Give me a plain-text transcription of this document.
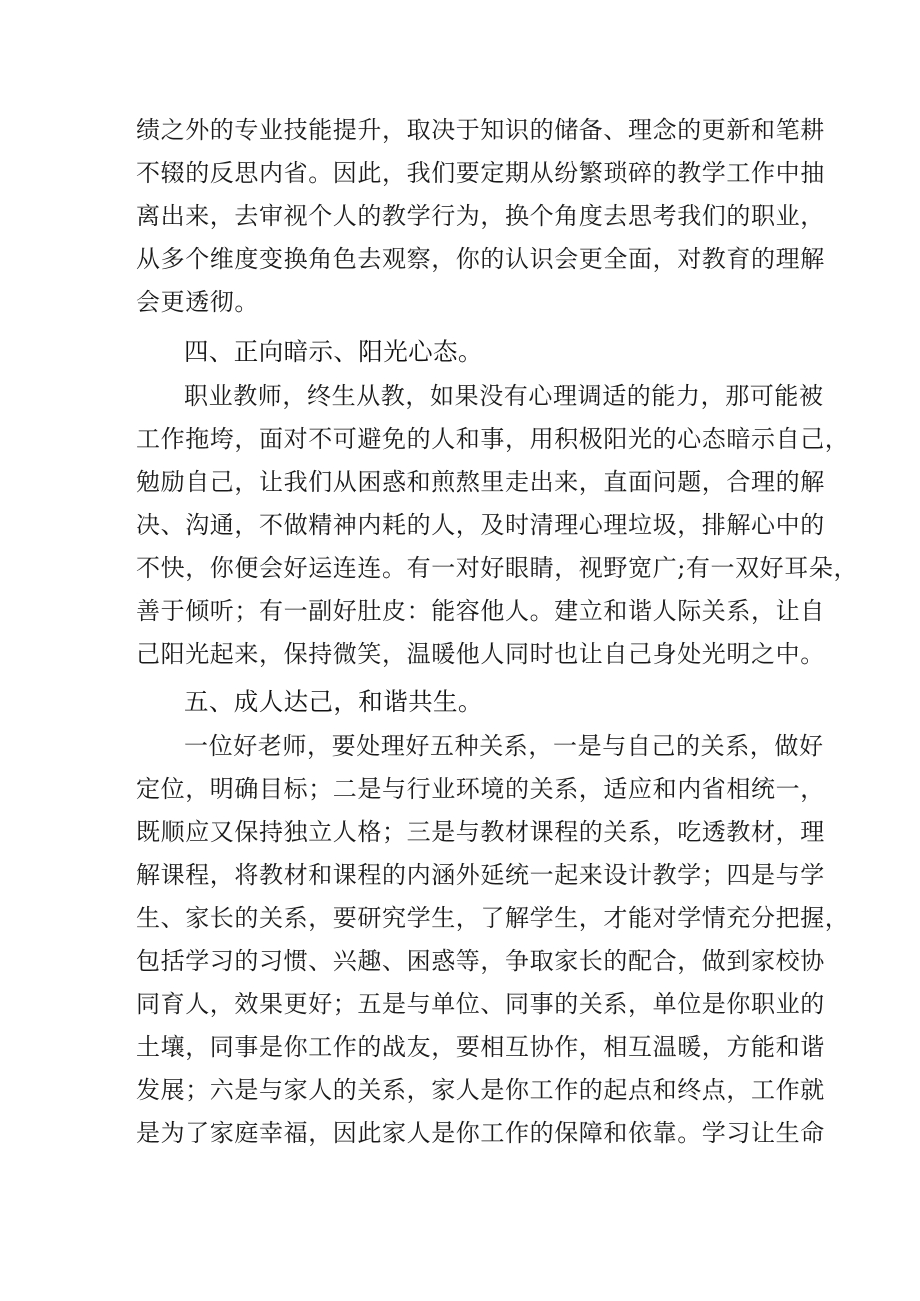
绩之外的专业技能提升，取决于知识的储备、理念的更新和笔耕
不辍的反思内省。因此，我们要定期从纷繁琐碎的教学工作中抽
离出来，去审视个人的教学行为，换个角度去思考我们的职业，
从多个维度变换角色去观察，你的认识会更全面，对教育的理解
会更透彻。
四、正向暗示、阳光心态。
职业教师，终生从教，如果没有心理调适的能力，那可能被
工作拖垮，面对不可避免的人和事，用积极阳光的心态暗示自己，
勉励自己，让我们从困惑和煎熬里走出来，直面问题，合理的解
决、沟通，不做精神内耗的人，及时清理心理垃圾，排解心中的
不快，你便会好运连连。有一对好眼睛，视野宽广;有一双好耳朵，
善于倾听；有一副好肚皮：能容他人。建立和谐人际关系，让自
己阳光起来，保持微笑，温暖他人同时也让自己身处光明之中。
五、成人达己，和谐共生。
一位好老师，要处理好五种关系，一是与自己的关系，做好
定位，明确目标；二是与行业环境的关系，适应和内省相统一，
既顺应又保持独立人格；三是与教材课程的关系，吃透教材，理
解课程，将教材和课程的内涵外延统一起来设计教学；四是与学
生、家长的关系，要研究学生，了解学生，才能对学情充分把握，
包括学习的习惯、兴趣、困惑等，争取家长的配合，做到家校协
同育人，效果更好；五是与单位、同事的关系，单位是你职业的
土壤，同事是你工作的战友，要相互协作，相互温暖，方能和谐
发展；六是与家人的关系，家人是你工作的起点和终点，工作就
是为了家庭幸福，因此家人是你工作的保障和依靠。学习让生命
